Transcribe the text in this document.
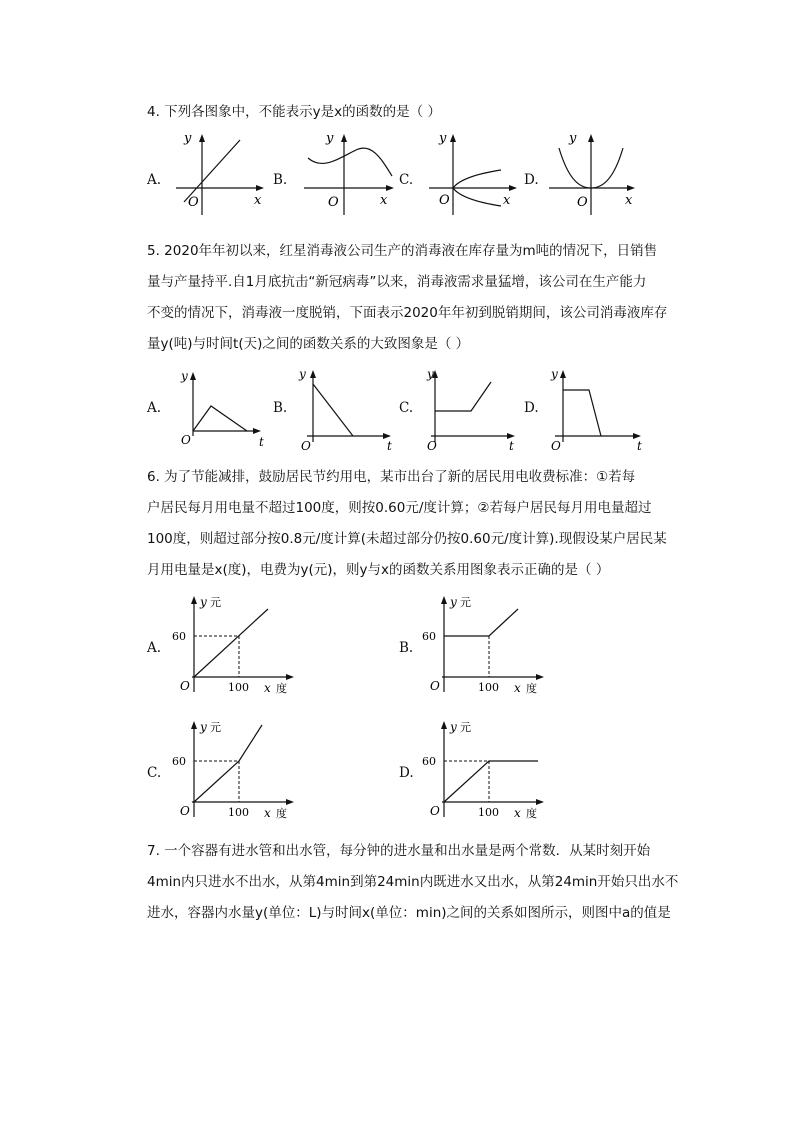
4. 下列各图象中，不能表示y是x的函数的是（ ）
A.	B.	C.	D.
y
x
O
y
x
O
y
x
O
y
x
O
5. 2020年年初以来，红星消毒液公司生产的消毒液在库存量为m吨的情况下，日销售
量与产量持平.自1月底抗击“新冠病毒”以来，消毒液需求量猛增，该公司在生产能力
不变的情况下，消毒液一度脱销，下面表示2020年年初到脱销期间，该公司消毒液库存
量y(吨)与时间t(天)之间的函数关系的大致图象是（ ）
A.	B.	C.	D.
y
t
O
y
t
O
y
t
O
y
t
O
6. 为了节能减排，鼓励居民节约用电，某市出台了新的居民用电收费标准：①若每
户居民每月用电量不超过100度，则按0.60元/度计算；②若每户居民每月用电量超过
100度，则超过部分按0.8元/度计算(未超过部分仍按0.60元/度计算).现假设某户居民某
月用电量是x(度)，电费为y(元)，则y与x的函数关系用图象表示正确的是（ ）
A.	B.
C.	D.
y 元
60
100 x 度
O
y 元
60
100 x 度
O
y 元
60
100 x 度
O
y 元
60
100 x 度
O
7. 一个容器有进水管和出水管，每分钟的进水量和出水量是两个常数．从某时刻开始
4min内只进水不出水，从第4min到第24min内既进水又出水，从第24min开始只出水不
进水，容器内水量y(单位：L)与时间x(单位：min)之间的关系如图所示，则图中a的值是
